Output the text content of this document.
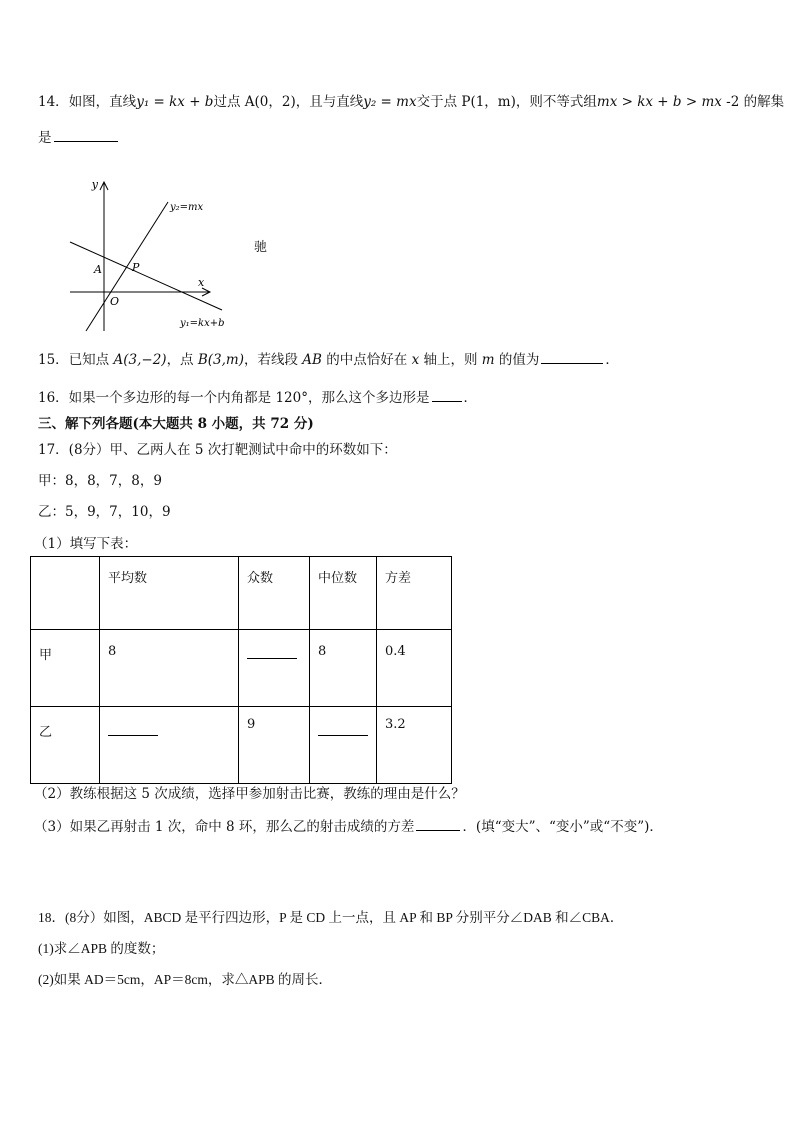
14．如图，直线y₁ = kx + b过点 A(0，2)，且与直线y₂ = mx交于点 P(1，m)，则不等式组mx > kx + b > mx -2 的解集
是
y
x
O
y₂=mx
y₁=kx+b
A	P
驰
15．已知点 A(3,−2)，点 B(3,m)，若线段 AB 的中点恰好在 x 轴上，则 m 的值为	．
16．如果一个多边形的每一个内角都是 120°，那么这个多边形是	．
三、解下列各题(本大题共 8 小题，共 72 分)
17．(8分）甲、乙两人在 5 次打靶测试中命中的环数如下：
甲：8，8，7，8，9
乙：5，9，7，10，9
（1）填写下表：
	平均数	众数	中位数	方差
甲	8		8	0.4
乙		9		3.2
（2）教练根据这 5 次成绩，选择甲参加射击比赛，教练的理由是什么？
（3）如果乙再射击 1 次，命中 8 环，那么乙的射击成绩的方差	．(填“变大”、“变小”或“不变”)．
18．(8分）如图，ABCD 是平行四边形，P 是 CD 上一点，且 AP 和 BP 分别平分∠DAB 和∠CBA．
(1)求∠APB 的度数；
(2)如果 AD＝5cm，AP＝8cm，求△APB 的周长．
